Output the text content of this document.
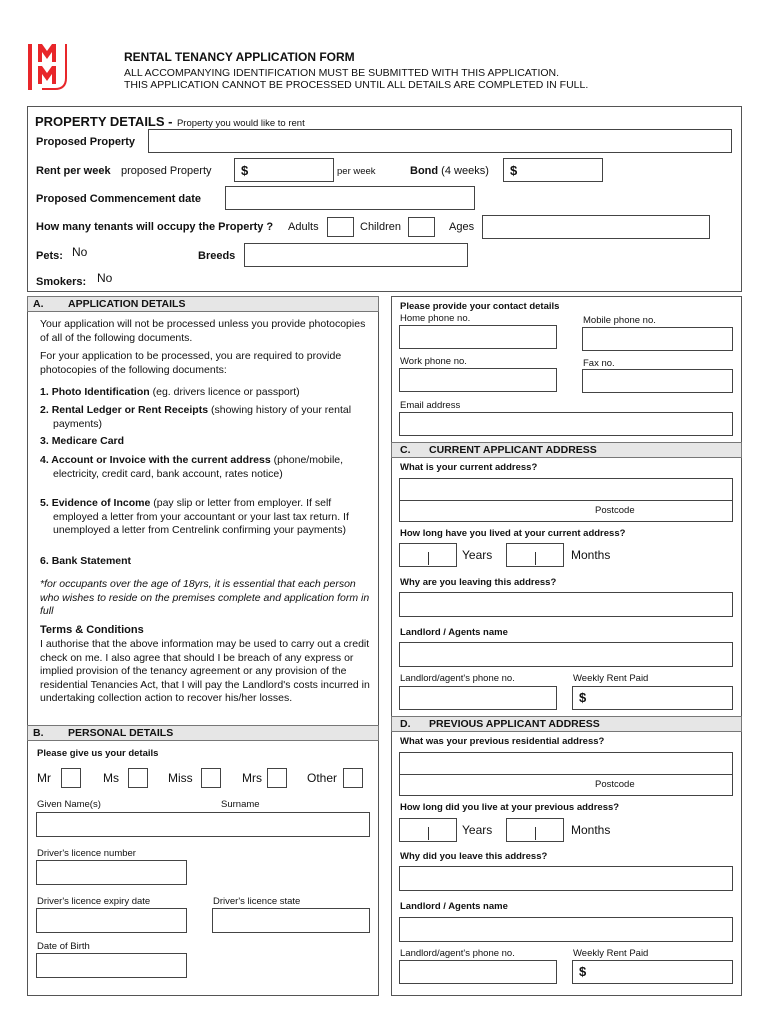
RENTAL TENANCY APPLICATION FORM
ALL ACCOMPANYING IDENTIFICATION MUST BE SUBMITTED WITH THIS APPLICATION.
THIS APPLICATION CANNOT BE PROCESSED UNTIL ALL DETAILS ARE COMPLETED IN FULL.
PROPERTY DETAILS - Property you would like to rent
Proposed Property
Rent per week proposed Property $	per week	Bond (4 weeks) $
Proposed Commencement date
How many tenants will occupy the Property ? Adults	Children	Ages
Pets: No	Breeds
Smokers: No
A. APPLICATION DETAILS

Your application will not be processed unless you provide photocopies of all of the following documents.

For your application to be processed, you are required to provide photocopies of the following documents:

1. Photo Identification (eg. drivers licence or passport)

2. Rental Ledger or Rent Receipts (showing history of your rental payments)

3. Medicare Card

4. Account or Invoice with the current address (phone/mobile, electricity, credit card, bank account, rates notice)

5. Evidence of Income (pay slip or letter from employer. If self employed a letter from your accountant or your last tax return. If unemployed a letter from Centrelink confirming your payments)

6. Bank Statement

*for occupants over the age of 18yrs, it is essential that each person who wishes to reside on the premises complete and application form in full

Terms & Conditions

I authorise that the above information may be used to carry out a credit check on me. I also agree that should I be breach of any express or implied provision of the tenancy agreement or any provision of the residential Tenancies Act, that I will pay the Landlord's costs incurred in undertaking collection action to recover his/her losses.

B. PERSONAL DETAILS
Please give us your details
Mr	Ms	Miss	Mrs	Other
Given Name(s)	Surname
Driver's licence number
Driver's licence expiry date	Driver's licence state
Date of Birth
Please provide your contact details
Home phone no.	Mobile phone no.
Work phone no.	Fax no.
Email address
C. CURRENT APPLICANT ADDRESS
What is your current address?
Postcode
How long have you lived at your current address?
Years	Months
Why are you leaving this address?
Landlord / Agents name
Landlord/agent's phone no.	Weekly Rent Paid
$
D. PREVIOUS APPLICANT ADDRESS
What was your previous residential address?
Postcode
How long did you live at your previous address?
Years	Months
Why did you leave this address?
Landlord / Agents name
Landlord/agent's phone no.	Weekly Rent Paid
$
